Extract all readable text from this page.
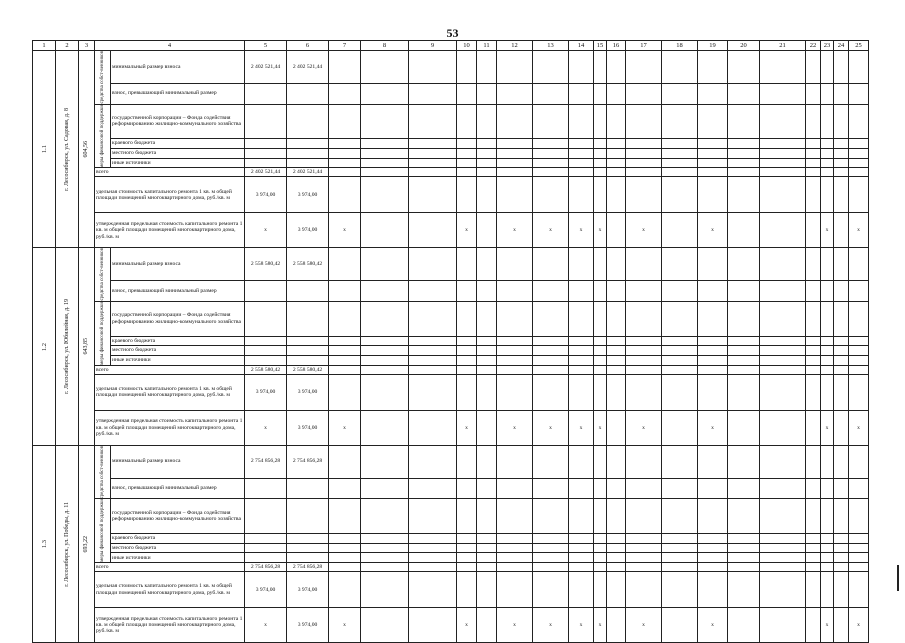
53
1	2	3	4		5	6	7	8	9	10	11	12	13	14	15	16	17	18	19	20	21	22	23	24	25

1.1	г. Лесосибирск, ул. Садовая, д. 8	604,56	средства собст-венников	минимальный размер взноса	2 402 521,44	2 402 521,44																			
				взнос, превышающий минимальный размер																					

			меры финансовой поддержки	государственной корпорации – Фонда содействия реформированию жилищно-коммунального хозяйства																					
				краевого бюджета																					
				местного бюджета																					
				иные источники																					
			всего		2 402 521,44	2 402 521,44																			
			удельная стоимость капитального ремонта 1 кв. м общей площади помещений многоквартирного дома, руб./кв. м		3 974,00	3 974,00																			
			утвержденная предельная стоимость капитального ремонта 1 кв. м общей площади помещений многоквартирного дома, руб./кв. м		х	3 974,00	х			х		х	х	х	х		х		х				х		х

1.2	г. Лесосибирск, ул. Юбилейная, д. 19	643,85	средства собст-венников	минимальный размер взноса	2 558 580,42	2 558 580,42																			
				взнос, превышающий минимальный размер																					

			меры финансовой поддержки	государственной корпорации – Фонда содействия реформированию жилищно-коммунального хозяйства																					
				краевого бюджета																					
				местного бюджета																					
				иные источники																					
			всего		2 558 580,42	2 558 580,42																			
			удельная стоимость капитального ремонта 1 кв. м общей площади помещений многоквартирного дома, руб./кв. м		3 974,00	3 974,00																			
			утвержденная предельная стоимость капитального ремонта 1 кв. м общей площади помещений многоквартирного дома, руб./кв. м		х	3 974,00	х			х		х	х	х	х		х		х				х		х

1.3	г. Лесосибирск, ул. Победы, д. 11	693,22	средства собст-венников	минимальный размер взноса	2 754 856,28	2 754 856,28																			
				взнос, превышающий минимальный размер																					

			меры финансовой поддержки	государственной корпорации – Фонда содействия реформированию жилищно-коммунального хозяйства																					
				краевого бюджета																					
				местного бюджета																					
				иные источники																					
			всего		2 754 856,28	2 754 856,28																			
			удельная стоимость капитального ремонта 1 кв. м общей площади помещений многоквартирного дома, руб./кв. м		3 974,00	3 974,00																			
			утвержденная предельная стоимость капитального ремонта 1 кв. м общей площади помещений многоквартирного дома, руб./кв. м		х	3 974,00	х			х		х	х	х	х		х		х				х		х
